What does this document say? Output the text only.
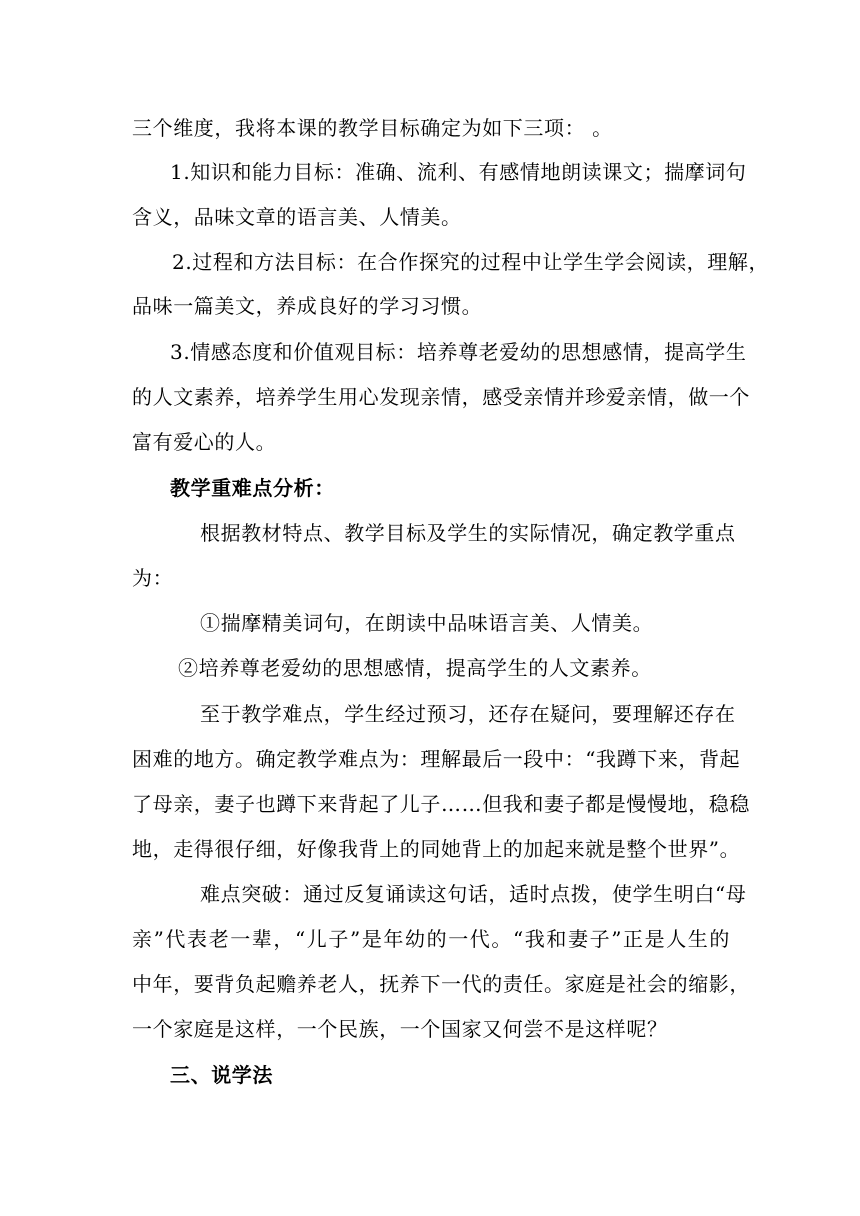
三个维度，我将本课的教学目标确定为如下三项： 。
1.知识和能力目标：准确、流利、有感情地朗读课文；揣摩词句
含义，品味文章的语言美、人情美。
2.过程和方法目标：在合作探究的过程中让学生学会阅读，理解，
品味一篇美文，养成良好的学习习惯。
3.情感态度和价值观目标：培养尊老爱幼的思想感情，提高学生
的人文素养，培养学生用心发现亲情，感受亲情并珍爱亲情，做一个
富有爱心的人。
教学重难点分析：
根据教材特点、教学目标及学生的实际情况，确定教学重点
为：
①揣摩精美词句，在朗读中品味语言美、人情美。
②培养尊老爱幼的思想感情，提高学生的人文素养。
至于教学难点，学生经过预习，还存在疑问，要理解还存在
困难的地方。确定教学难点为：理解最后一段中：“我蹲下来，背起
了母亲，妻子也蹲下来背起了儿子……但我和妻子都是慢慢地，稳稳
地，走得很仔细，好像我背上的同她背上的加起来就是整个世界”。
难点突破：通过反复诵读这句话，适时点拨，使学生明白“母
亲”代表老一辈，“儿子”是年幼的一代。“我和妻子”正是人生的
中年，要背负起赡养老人，抚养下一代的责任。家庭是社会的缩影，
一个家庭是这样，一个民族，一个国家又何尝不是这样呢？
三、说学法
